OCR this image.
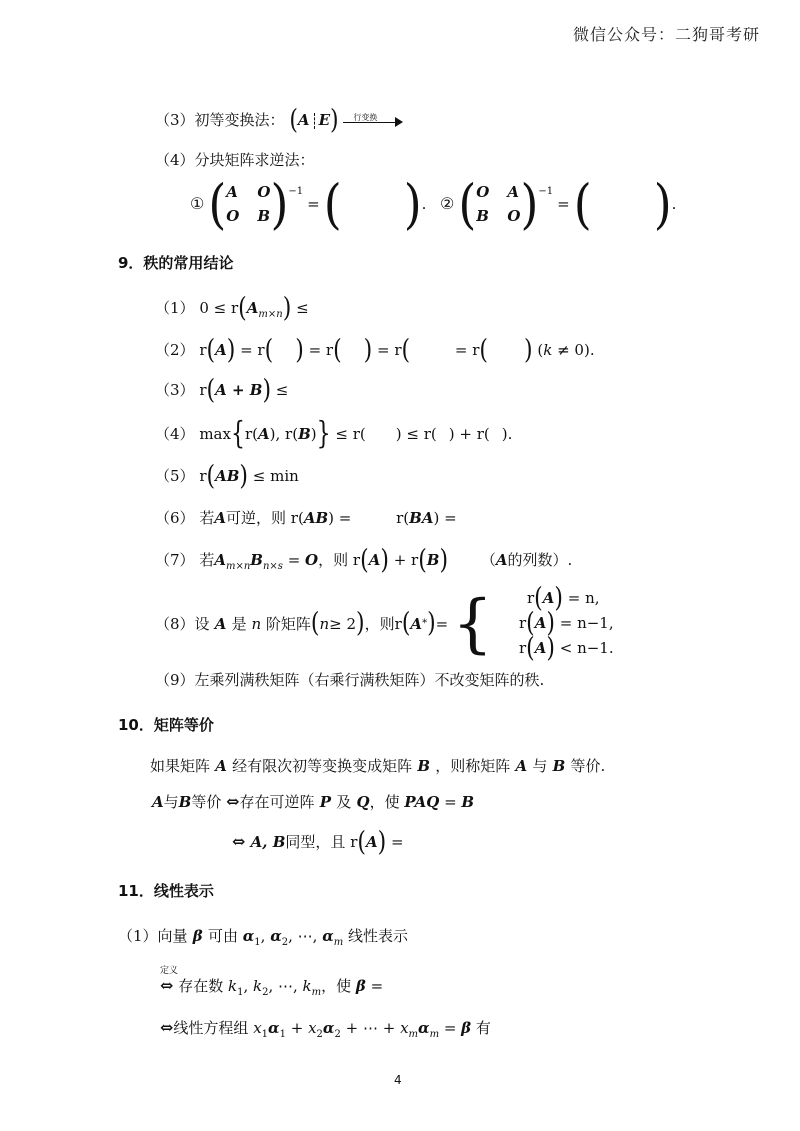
微信公众号：二狗哥考研
（3）初等变换法： (A E) 行变换
（4）分块矩阵求逆法：
① ( A O
O B )$^{-1}$
= ( ) . ② ( O A
B O )$^{-1}$
= ( ) .
9．秩的常用结论
（1） $0 \le r(A_{m\times n})$ ≤
（2） r(A) = r( ) = r( ) = r(	= r( ) (k ≠ 0).
（3） r(A + B) ≤
（4） max{r(A), r(B)} ≤ r( ) ≤ r( ) + r( ).
（5） r(AB) ≤ min
（6） 若A可逆，则 r(AB) =	r(BA) =
（7） 若$A_{m\times n}B_{n\times s} = O$，则 r(A) + r(B) （A的列数）.
（8） 设 A 是 n 阶矩阵 ( n ≥ 2 ) ，则 r ( A * ) = {	r(A) = n,
r(A) = n−1,
r(A) < n−1.
（9）左乘列满秩矩阵（右乘行满秩矩阵）不改变矩阵的秩.
10．矩阵等价
如果矩阵 A 经有限次初等变换变成矩阵 B ，则称矩阵 A 与 B 等价.
A与B等价 ⇔存在可逆阵 P 及 Q，使 PAQ = B
⇔ A, B同型，且 r(A) =
11．线性表示
（1）向量 β 可由 $\alpha_1$, $\alpha_2$, ⋯, $\alpha_m$ 线性表示
定义
⇔ 存在数 $k_1$, $k_2$, ⋯, $k_m$，使 β =
⇔线性方程组 $x_1\alpha_1 + x_2\alpha_2$ + ⋯ + $x_m\alpha_m = \beta$ 有
4
